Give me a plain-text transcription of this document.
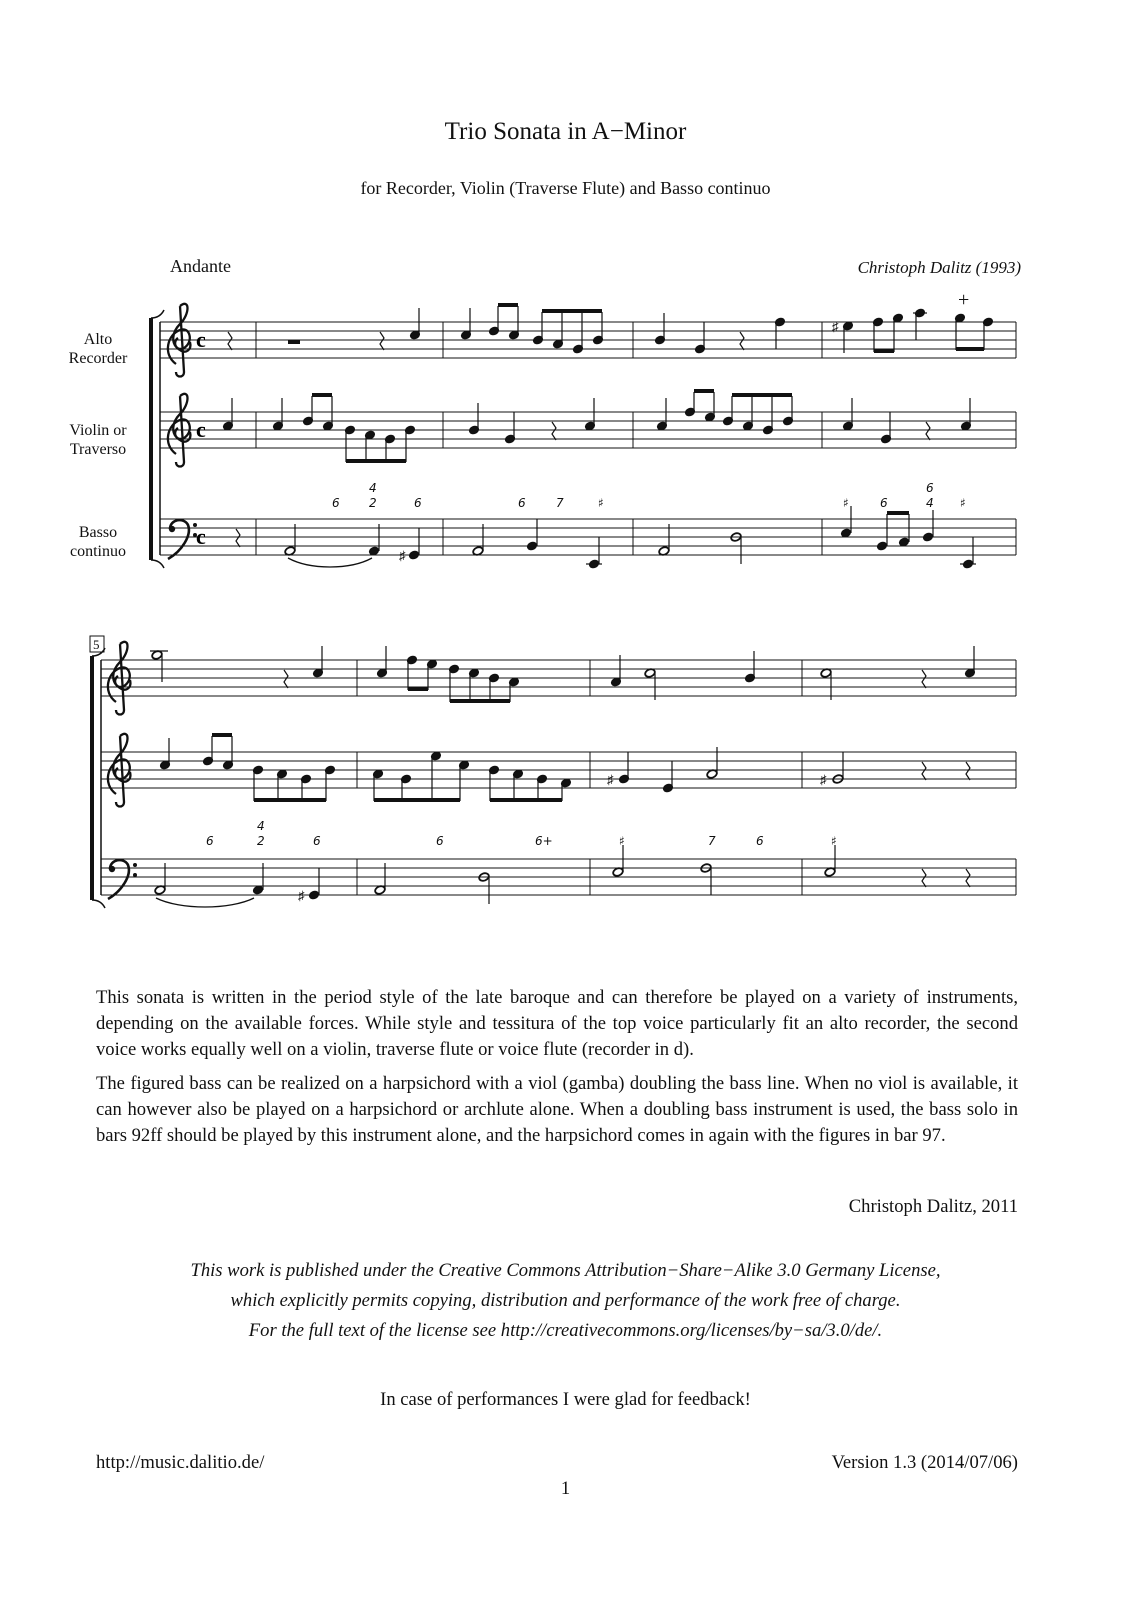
Trio Sonata in A−Minor
for Recorder, Violin (Traverse Flute) and Basso continuo
Andante	Christoph Dalitz (1993)
Alto
Recorder
Violin or
Traverso
Basso
continuo
c
c
c
♯
+
6
4
2	6	6	7	♯	♯	6
6
4 ♯
♯
5
♯	♯
6
4
2	6	6	6+	♯	7	6	♯
♯

This sonata is written in the period style of the late baroque and can therefore be played on a variety of instruments, depending on the available forces. While style and tessitura of the top voice particularly fit an alto recorder, the second voice works equally well on a violin, traverse flute or voice flute (recorder in d).

The figured bass can be realized on a harpsichord with a viol (gamba) doubling the bass line. When no viol is available, it can however also be played on a harpsichord or archlute alone. When a doubling bass instrument is used, the bass solo in bars 92ff should be played by this instrument alone, and the harpsichord comes in again with the figures in bar 97.

Christoph Dalitz, 2011
This work is published under the Creative Commons Attribution−Share−Alike 3.0 Germany License,
which explicitly permits copying, distribution and performance of the work free of charge.
For the full text of the license see http://creativecommons.org/licenses/by−sa/3.0/de/.
In case of performances I were glad for feedback!
http://music.dalitio.de/	Version 1.3 (2014/07/06)
1
